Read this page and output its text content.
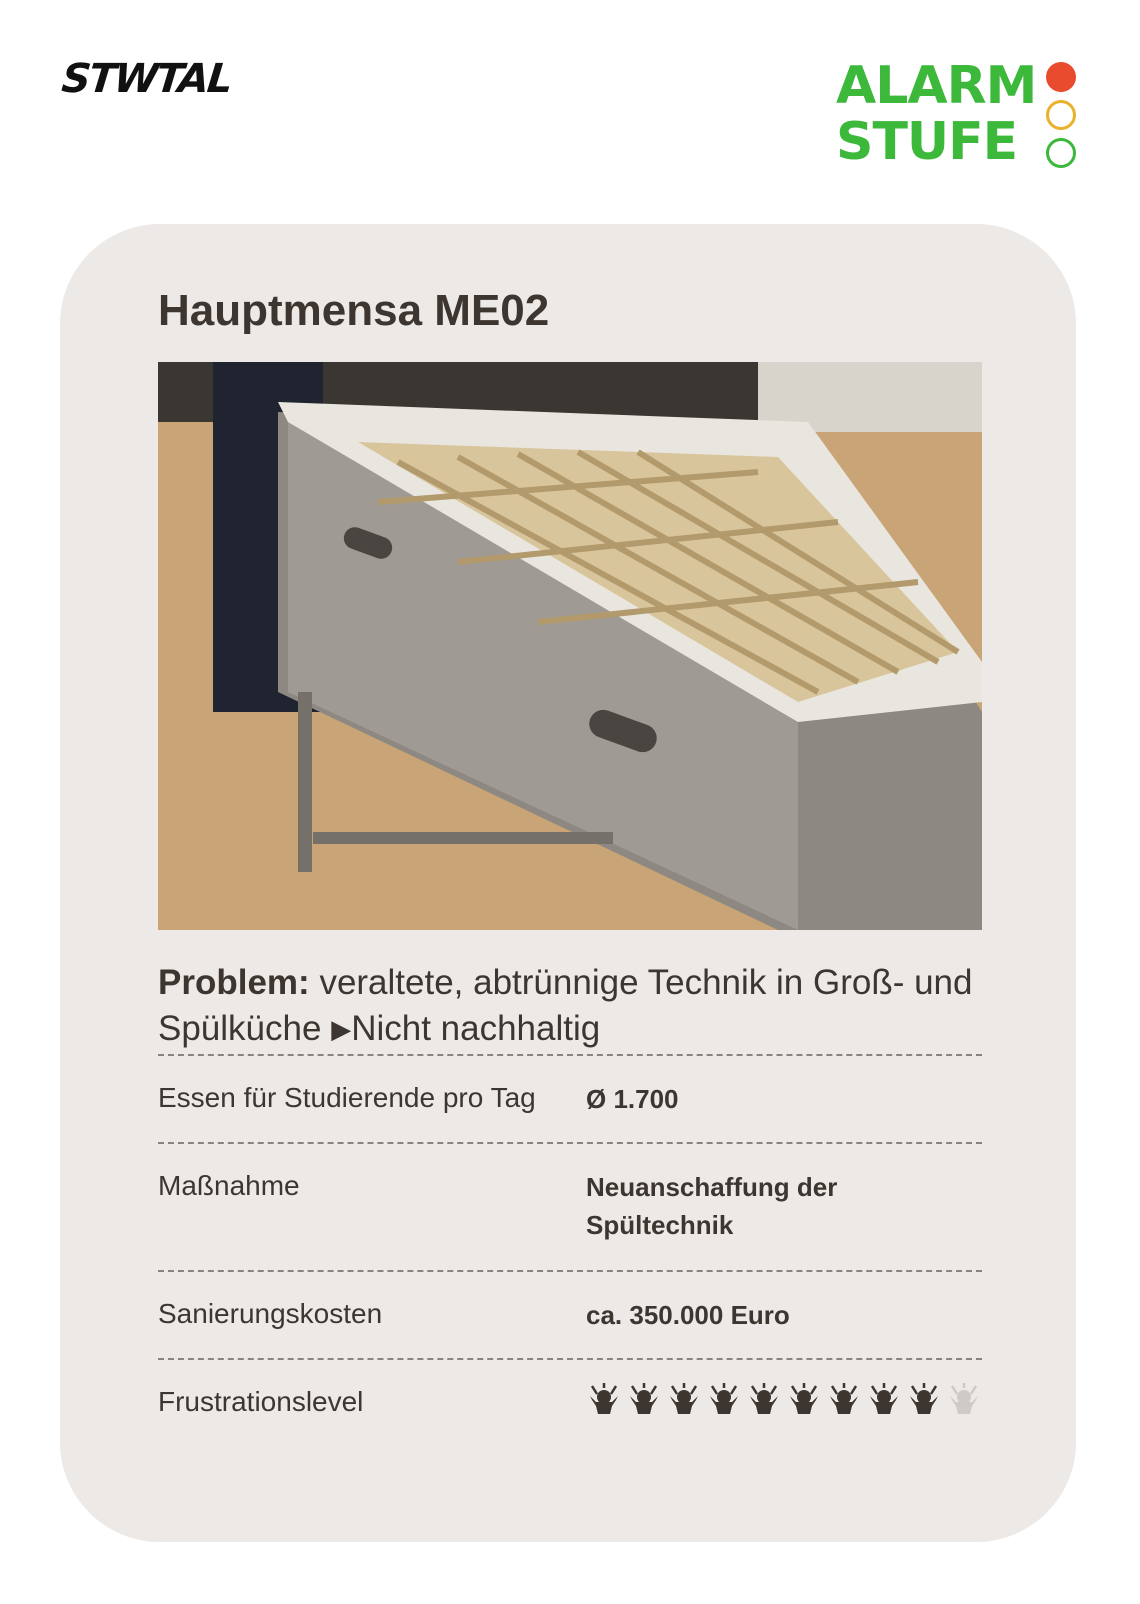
STWTAL	ALARM
STUFE
Hauptmensa ME02
Problem: veraltete, abtrünnige Technik in Groß- und Spülküche ▶Nicht nachhaltig
Essen für Studierende pro Tag Ø 1.700
Maßnahme	Neuanschaffung der Spültechnik
Sanierungskosten	ca. 350.000 Euro
Frustrationslevel
